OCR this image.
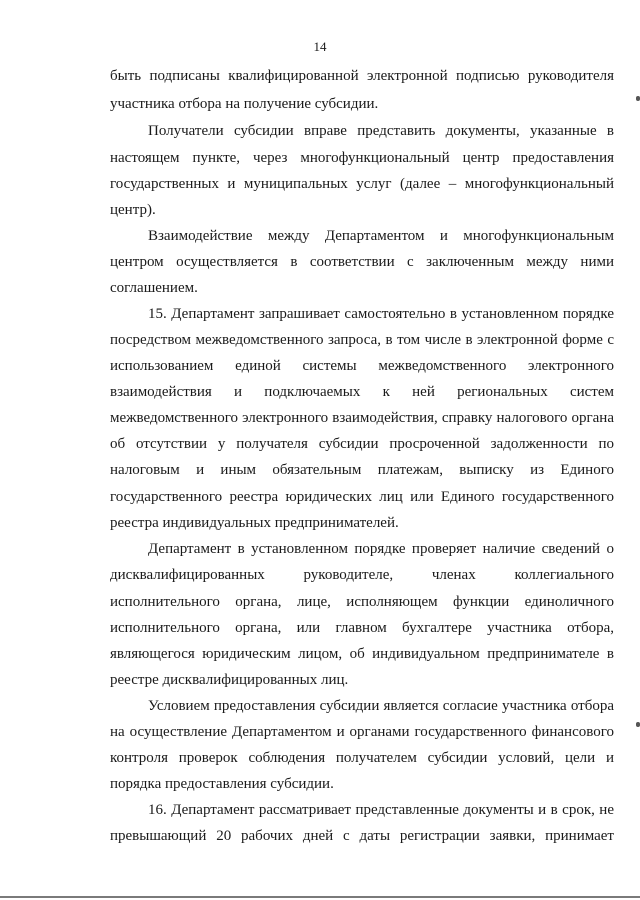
14
быть подписаны квалифицированной электронной подписью руководителя
участника отбора на получение субсидии.
Получатели субсидии вправе представить документы, указанные в
настоящем пункте, через многофункциональный центр предоставления
государственных и муниципальных услуг (далее – многофункциональный
центр).
Взаимодействие между Департаментом и многофункциональным
центром осуществляется в соответствии с заключенным между ними
соглашением.
15. Департамент запрашивает самостоятельно в установленном порядке
посредством межведомственного запроса, в том числе в электронной форме с
использованием единой системы межведомственного электронного
взаимодействия и подключаемых к ней региональных систем
межведомственного электронного взаимодействия, справку налогового органа
об отсутствии у получателя субсидии просроченной задолженности по
налоговым и иным обязательным платежам, выписку из Единого
государственного реестра юридических лиц или Единого государственного
реестра индивидуальных предпринимателей.
Департамент в установленном порядке проверяет наличие сведений о
дисквалифицированных руководителе, членах коллегиального
исполнительного органа, лице, исполняющем функции единоличного
исполнительного органа, или главном бухгалтере участника отбора,
являющегося юридическим лицом, об индивидуальном предпринимателе в
реестре дисквалифицированных лиц.
Условием предоставления субсидии является согласие участника отбора
на осуществление Департаментом и органами государственного финансового
контроля проверок соблюдения получателем субсидии условий, цели и
порядка предоставления субсидии.
16. Департамент рассматривает представленные документы и в срок, не
превышающий 20 рабочих дней с даты регистрации заявки, принимает
